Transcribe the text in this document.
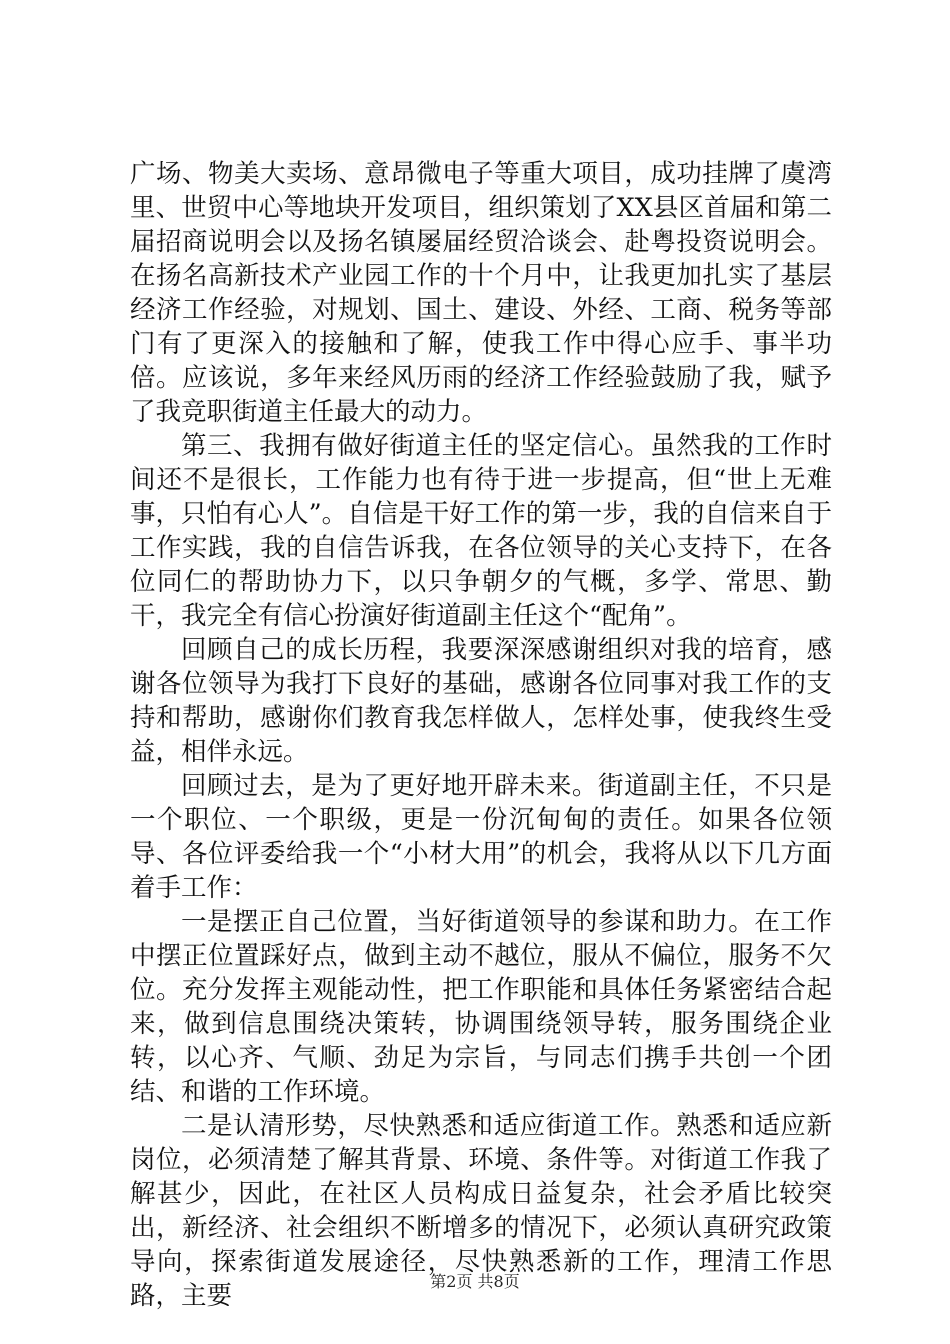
广场、物美大卖场、意昂微电子等重大项目，成功挂牌了虞湾里、世贸中心等地块开发项目，组织策划了XX县区首届和第二届招商说明会以及扬名镇屡届经贸洽谈会、赴粤投资说明会。在扬名高新技术产业园工作的十个月中，让我更加扎实了基层经济工作经验，对规划、国土、建设、外经、工商、税务等部门有了更深入的接触和了解，使我工作中得心应手、事半功倍。应该说，多年来经风历雨的经济工作经验鼓励了我，赋予了我竞职街道主任最大的动力。

第三、我拥有做好街道主任的坚定信心。虽然我的工作时间还不是很长，工作能力也有待于进一步提高，但“世上无难事，只怕有心人”。自信是干好工作的第一步，我的自信来自于工作实践，我的自信告诉我，在各位领导的关心支持下，在各位同仁的帮助协力下，以只争朝夕的气概，多学、常思、勤干，我完全有信心扮演好街道副主任这个“配角”。

回顾自己的成长历程，我要深深感谢组织对我的培育，感谢各位领导为我打下良好的基础，感谢各位同事对我工作的支持和帮助，感谢你们教育我怎样做人，怎样处事，使我终生受益，相伴永远。

回顾过去，是为了更好地开辟未来。街道副主任，不只是一个职位、一个职级，更是一份沉甸甸的责任。如果各位领导、各位评委给我一个“小材大用”的机会，我将从以下几方面着手工作：

一是摆正自己位置，当好街道领导的参谋和助力。在工作中摆正位置踩好点，做到主动不越位，服从不偏位，服务不欠位。充分发挥主观能动性，把工作职能和具体任务紧密结合起来，做到信息围绕决策转，协调围绕领导转，服务围绕企业转，以心齐、气顺、劲足为宗旨，与同志们携手共创一个团结、和谐的工作环境。

二是认清形势，尽快熟悉和适应街道工作。熟悉和适应新岗位，必须清楚了解其背景、环境、条件等。对街道工作我了解甚少，因此，在社区人员构成日益复杂，社会矛盾比较突出，新经济、社会组织不断增多的情况下，必须认真研究政策导向，探索街道发展途径，尽快熟悉新的工作，理清工作思路，主要	第2页 共8页
